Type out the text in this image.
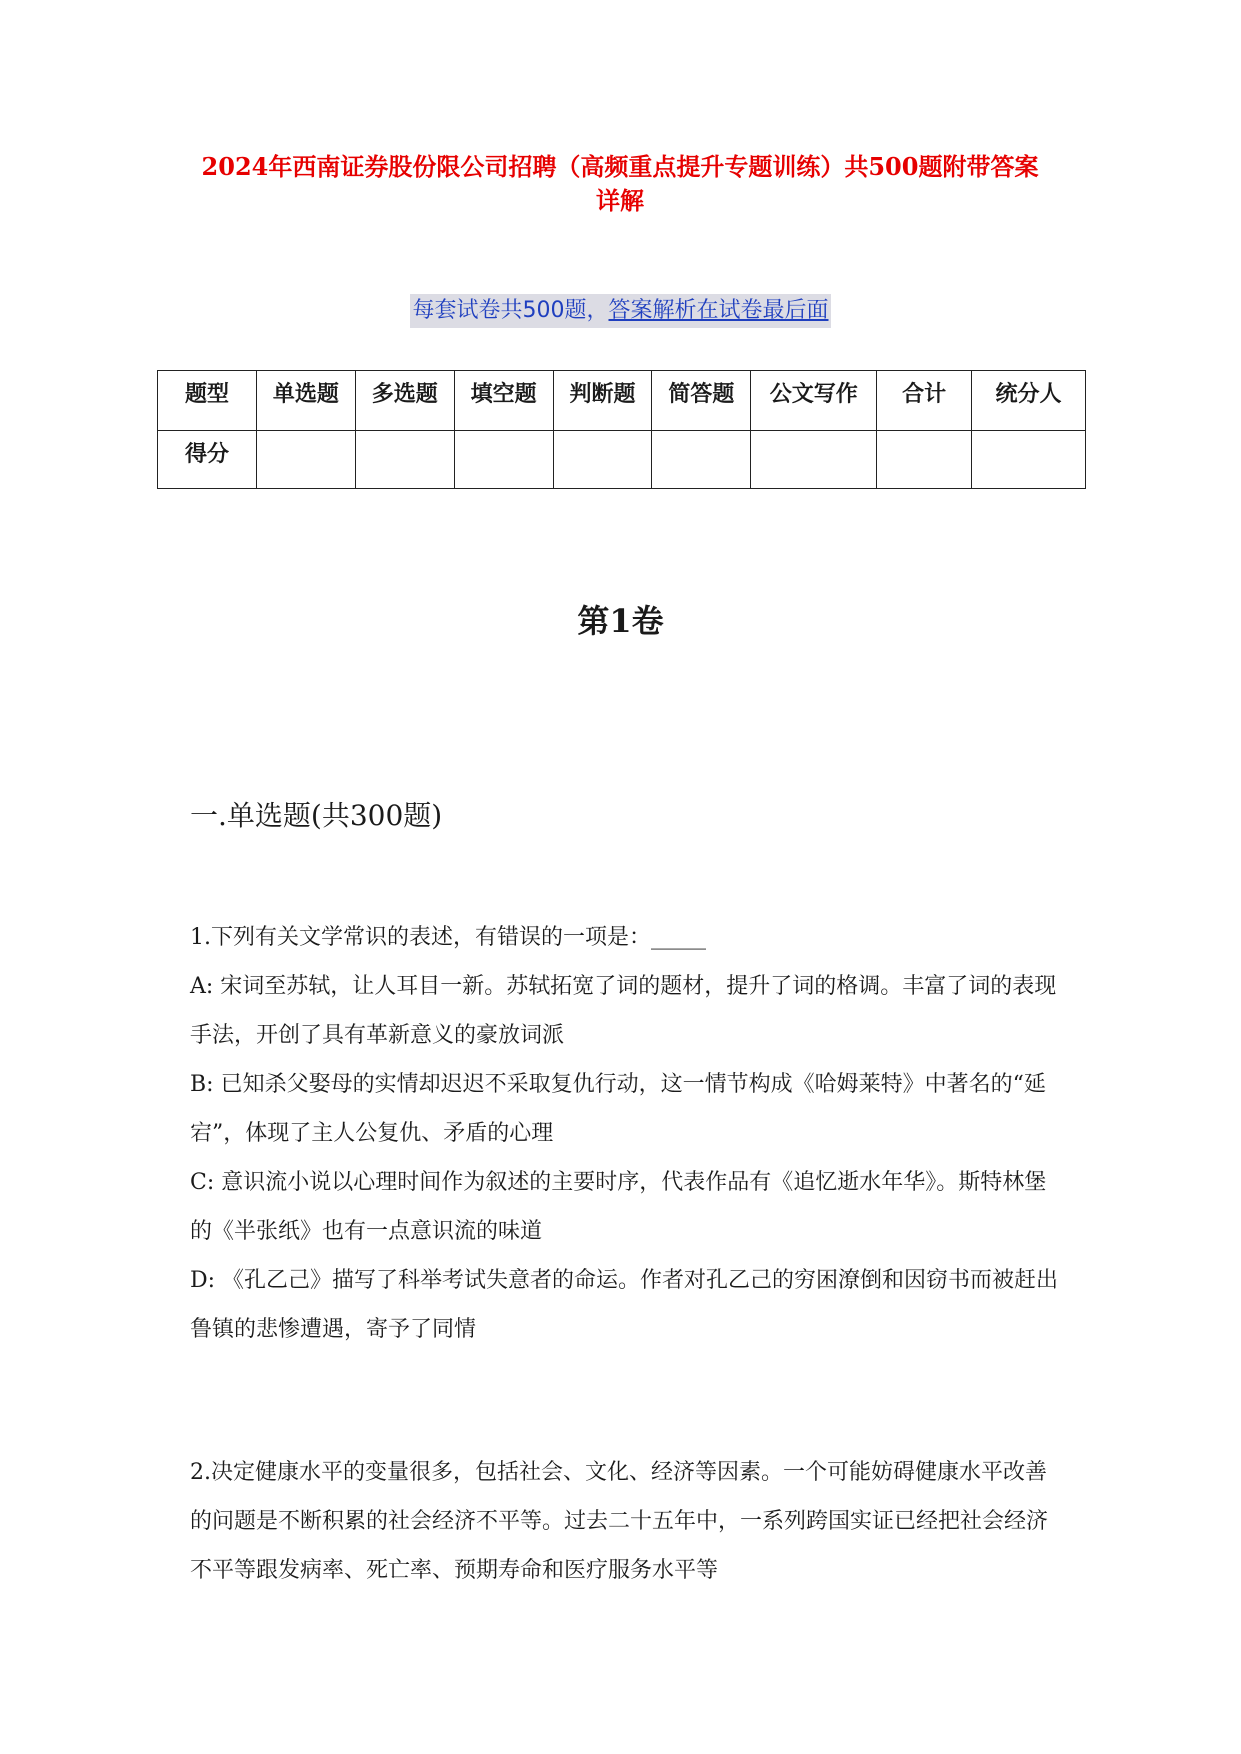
2024年西南证券股份限公司招聘（高频重点提升专题训练）共500题附带答案
详解
每套试卷共500题，答案解析在试卷最后面
题型	单选题	多选题	填空题	判断题	简答题	公文写作	合计	统分人
得分								
第1卷
一.单选题(共300题)

1.下列有关文学常识的表述，有错误的一项是：_____

A: 宋词至苏轼，让人耳目一新。苏轼拓宽了词的题材，提升了词的格调。丰富了词的表现手法，开创了具有革新意义的豪放词派

B: 已知杀父娶母的实情却迟迟不采取复仇行动，这一情节构成《哈姆莱特》中著名的“延宕”，体现了主人公复仇、矛盾的心理

C: 意识流小说以心理时间作为叙述的主要时序，代表作品有《追忆逝水年华》。斯特林堡的《半张纸》也有一点意识流的味道

D: 《孔乙己》描写了科举考试失意者的命运。作者对孔乙己的穷困潦倒和因窃书而被赶出鲁镇的悲惨遭遇，寄予了同情

2.决定健康水平的变量很多，包括社会、文化、经济等因素。一个可能妨碍健康水平改善的问题是不断积累的社会经济不平等。过去二十五年中，一系列跨国实证已经把社会经济不平等跟发病率、死亡率、预期寿命和医疗服务水平等
